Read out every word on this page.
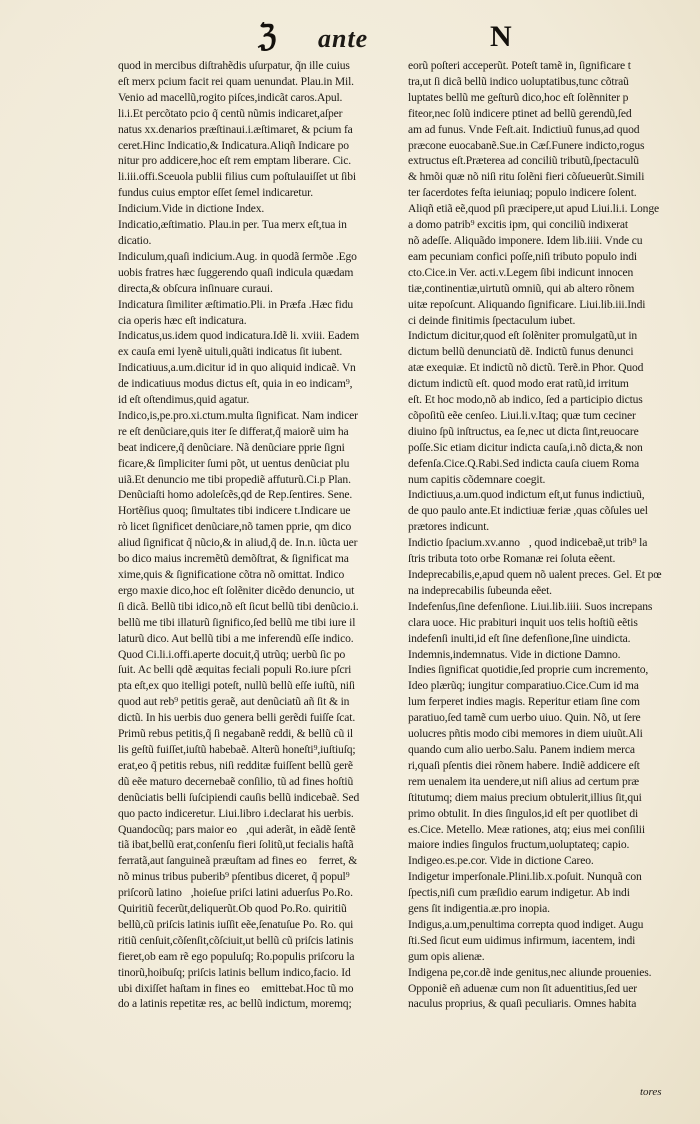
ℨ ante	N

quod in mercibus diſtrahẽdis uſurpatur, q̃n ille cuius

eſt merx pcium facit rei quam uenundat. Plau.in Mil.

Venio ad macellũ,rogito piſces,indicãt caros.Apul.

li.i.Et percõtato pcio q̃ centũ nũmis indicaret,aſper

natus xx.denarios præſtinaui.i.æſtimaret, & pcium fa

ceret.Hinc Indicatio,& Indicatura.Aliqñ Indicare po

nitur pro addicere,hoc eſt rem emptam liberare. Cic.

li.iii.offi.Sceuola publii filius cum poſtulauiſſet ut ſibi

fundus cuius emptor eſſet ſemel indicaretur.

Indicium.Vide in dictione Index.

Indicatio,æſtimatio. Plau.in per. Tua merx eſt,tua in

dicatio.

Indiculum,quaſi indicium.Aug. in quodã ſermõe .Ego

uobis fratres hæc ſuggerendo quaſi indicula quædam

directa,& obſcura inſinuare curaui.

Indicatura ſimiliter æſtimatio.Pli. in Præfa .Hæc fidu

cia operis hæc eſt indicatura.

Indicatus,us.idem quod indicatura.Idẽ li. xviii. Eadem

ex cauſa emi lyenẽ uituli,quãti indicatus ſit iubent.

Indicatiuus,a.um.dicitur id in quo aliquid indicaẽ. Vn

de indicatiuus modus dictus eſt, quia in eo indicam⁹,

id eſt oſtendimus,quid agatur.

Indico,is,pe.pro.xi.ctum.multa ſignificat. Nam indicer

re eſt denũciare,quis iter ſe differat,q̃ maiorẽ uim ha

beat indicere,q̃ denũciare. Nã denũciare pprie ſigni

ficare,& ſimpliciter ſumi põt, ut uentus denũciat plu

uiã.Et denuncio me tibi propediẽ affuturũ.Ci.p Plan.

Denũciaſti homo adoleſcẽs,qd de Rep.ſentires. Sene.

Hortẽſius quoq; ſimultates tibi indicere t.Indicare ue

rò licet ſignificet denũciare,nõ tamen pprie, qm dico

aliud ſignificat q̃ nũcio,& in aliud,q̃ de. In.n. iũcta uer

bo dico maius incremẽtũ demõſtrat, & ſignificat ma

xime,quis & ſignificatione cõtra nõ omittat. Indico

ergo maxie dico,hoc eſt ſolẽniter dicẽdo denuncio, ut

ſi dicã. Bellũ tibi idico,nõ eſt ſicut bellũ tibi denũcio.i.

bellũ me tibi illaturũ ſignifico,ſed bellũ me tibi iure il

laturũ dico. Aut bellũ tibi a me inferendũ eſſe indico.

Quod Ci.li.i.offi.aperte docuit,q̃ utrũq; uerbũ ſic po

ſuit. Ac belli qdẽ æquitas feciali populi Ro.iure pſcri

pta eſt,ex quo itelligi poteſt, nullũ bellũ eſſe iuſtũ, niſi

quod aut reb⁹ petitis geraẽ, aut denũciatũ añ ſit & in

dictũ. In his uerbis duo genera belli gerẽdi fuiſſe ſcat.

Primũ rebus petitis,q̃ ſi negabanẽ reddi, & bellũ cũ il

lis geſtũ fuiſſet,iuſtũ habebaẽ. Alterũ honeſti⁹,iuſtiuſq;

erat,eo q̃ petitis rebus, niſi redditæ fuiſſent bellũ gerẽ

dũ eẽe maturo decernebaẽ conſilio, tũ ad fines hoſtiũ

denũciatis belli ſuſcipiendi cauſis bellũ indicebaẽ. Sed

quo pacto indiceretur. Liui.libro i.declarat his uerbis.

Quandocũq; pars maior eo᷒,qui aderãt, in eãdẽ ſentẽ

tiã ibat,bellũ erat,conſenſu fieri ſolitũ,ut fecialis haſtã

ferratã,aut ſanguineã præuſtam ad fines eo᷒ ferret, &

nõ minus tribus puberib⁹ pſentibus diceret, q̃ popul⁹

priſcorũ latino᷒,hoieſue priſci latini aduerſus Po.Ro.

Quiritiũ fecerũt,deliquerũt.Ob quod Po.Ro. quiritiũ

bellũ,cũ priſcis latinis iuſſit eẽe,ſenatuſue Po. Ro. qui

ritiũ cenſuit,cõſenſit,cõſciuit,ut bellũ cũ priſcis latinis

fieret,ob eam rẽ ego populuſq; Ro.populis priſcoru la

tinorũ,hoibuſq; priſcis latinis bellum indico,facio. Id

ubi dixiſſet haſtam in fines eo᷒ emittebat.Hoc tũ mo

do a latinis repetitæ res, ac bellũ indictum, moremq;

eorũ poſteri acceperũt. Poteſt tamẽ in, ſignificare t

tra,ut ſi dicã bellũ indico uoluptatibus,tunc cõtraũ

luptates bellũ me geſturũ dico,hoc eſt ſolẽnniter p

fiteor,nec ſolũ indicere ptinet ad bellũ gerendũ,ſed

am ad funus. Vnde Feſt.ait. Indictiuũ funus,ad quod

præcone euocabanẽ.Sue.in Cæſ.Funere indicto,rogus

extructus eſt.Præterea ad conciliũ tributũ,ſpectaculũ

& hmõi quæ nõ niſi ritu ſolẽni fieri cõſueuerũt.Simili

ter ſacerdotes feſta ieiuniaq; populo indicere ſolent.

Aliqñ etiã eẽ,quod pſi præcipere,ut apud Liui.li.i. Longe

a domo patrib⁹ excitis ipm, qui conciliũ indixerat

nõ adeſſe. Aliquãdo imponere. Idem lib.iiii. Vnde cu

eam pecuniam confici poſſe,niſi tributo populo indi

cto.Cice.in Ver. acti.v.Legem ſibi indicunt innocen

tiæ,continentiæ,uirtutũ omniũ, qui ab altero rõnem

uitæ repoſcunt. Aliquando ſignificare. Liui.lib.iii.Indi

ci deinde finitimis ſpectaculum iubet.

Indictum dicitur,quod eſt ſolẽniter promulgatũ,ut in

dictum bellũ denunciatũ dẽ. Indictũ funus denunci

atæ exequiæ. Et indictũ nõ dictũ. Terẽ.in Phor. Quod

dictum indictũ eſt. quod modo erat ratũ,id irritum

eſt. Et hoc modo,nõ ab indico, ſed a participio dictus

cõpoſitũ eẽe cenſeo. Liui.li.v.Itaq; quæ tum ceciner

diuino ſpũ inſtructus, ea ſe,nec ut dicta ſint,reuocare

poſſe.Sic etiam dicitur indicta cauſa,i.nõ dicta,& non

defenſa.Cice.Q.Rabi.Sed indicta cauſa ciuem Roma

num capitis cõdemnare coegit.

Indictiuus,a.um.quod indictum eſt,ut funus indictiuũ,

de quo paulo ante.Et indictiuæ feriæ ,quas cõſules uel

prætores indicunt.

Indictio ſpacium.xv.anno᷒, quod indicebaẽ,ut trib⁹ la

ſtris tributa toto orbe Romanæ rei ſoluta eẽent.

Indeprecabilis,e,apud quem nõ ualent preces. Gel. Et pœ

na indeprecabilis ſubeunda eẽet.

Indefenſus,ſine defenſione. Liui.lib.iiii. Suos increpans

clara uoce. Hic prabituri inquit uos telis hoſtiũ eẽtis

indefenſi inulti,id eſt ſine defenſione,ſine uindicta.

Indemnis,indemnatus. Vide in dictione Damno.

Indies ſignificat quotidie,ſed proprie cum incremento,

Ideo plærũq; iungitur comparatiuo.Cice.Cum id ma

lum ferperet indies magis. Reperitur etiam ſine com

paratiuo,ſed tamẽ cum uerbo uiuo. Quin. Nõ, ut ſere

uolucres pñtis modo cibi memores in diem uiuũt.Ali

quando cum alio uerbo.Salu. Panem indiem merca

ri,quaſi pſentis diei rõnem habere. Indiẽ addicere eſt

rem uenalem ita uendere,ut niſi alius ad certum præ

ſtitutumq; diem maius precium obtulerit,illius ſit,qui

primo obtulit. In dies ſingulos,id eſt per quotlibet di

es.Cice. Metello. Meæ rationes, atq; eius mei conſilii

maiore indies ſingulos fructum,uoluptateq; capio.

Indigeo.es.pe.cor. Vide in dictione Careo.

Indigetur imperſonale.Plini.lib.x.poſuit. Nunquã con

ſpectis,niſi cum præſidio earum indigetur. Ab indi

gens ſit indigentia.æ.pro inopia.

Indigus,a.um,penultima correpta quod indiget. Augu

ſti.Sed ſicut eum uidimus infirmum, iacentem, indi

gum opis alienæ.

Indigena pe,cor.dẽ inde genitus,nec aliunde prouenies.

Opponiẽ eñ aduenæ cum non ſit aduentitius,ſed uer

naculus proprius, & quaſi peculiaris. Omnes habita

tores
